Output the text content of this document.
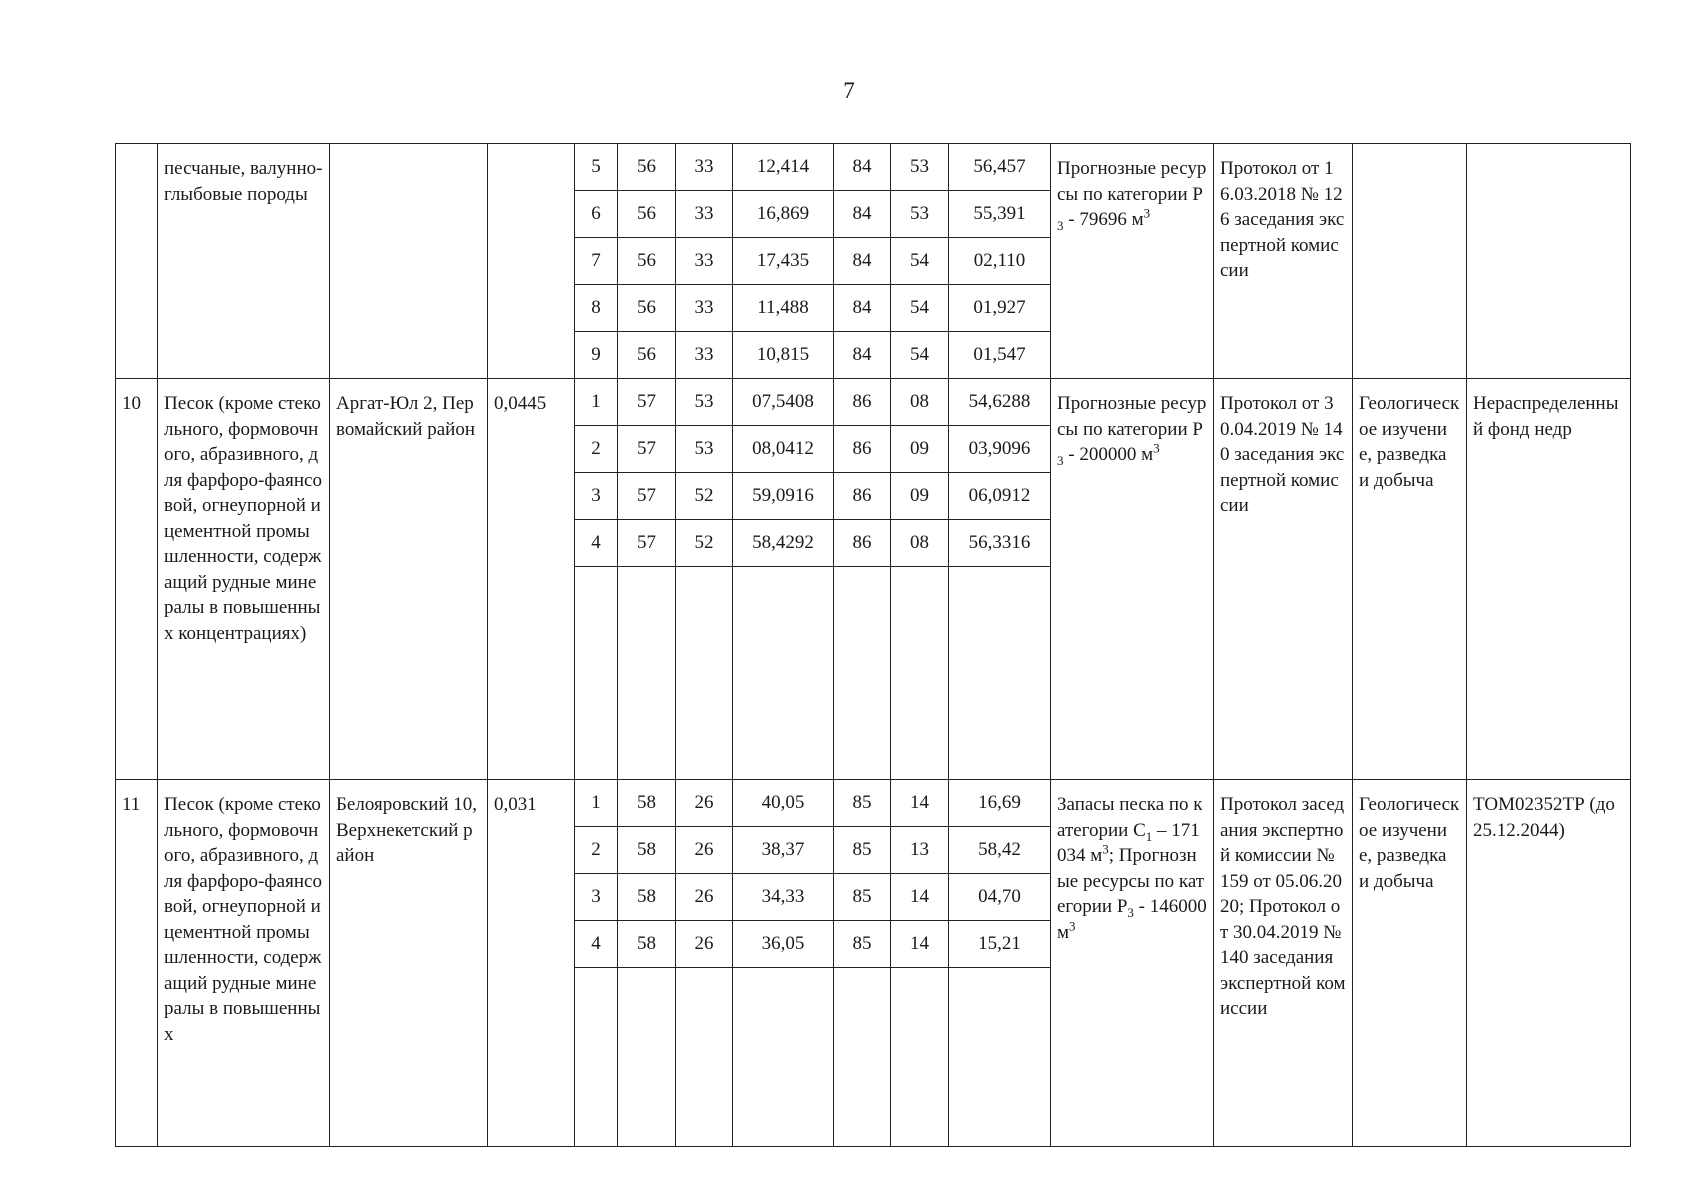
7
	песчаные, валунно-глыбовые породы			5	56	33	12,414	84	53	56,457	Прогнозные ресурсы по категории $Р_3 - 79696$ $м^3$	Протокол от 16.03.2018 № 126 заседания экспертной комиссии		
				6	56	33	16,869	84	53	55,391				
				7	56	33	17,435	84	54	02,110				
				8	56	33	11,488	84	54	01,927				
				9	56	33	10,815	84	54	01,547				
10	Песок (кроме стекольного, формовочного, абразивного, для фарфоро-фаянсовой, огнеупорной и цементной промышленности, содержащий рудные минералы в повышенных концентрациях)	Аргат-Юл 2, Первомайский район	0,0445	1	57	53	07,5408	86	08	54,6288	Прогнозные ресурсы по категории $Р_3 - 200000$ $м^3$	Протокол от 30.04.2019 № 140 заседания экспертной комиссии	Геологическое изучение, разведка и добыча	Нераспределенный фонд недр
				2	57	53	08,0412	86	09	03,9096				
				3	57	52	59,0916	86	09	06,0912				
				4	57	52	58,4292	86	08	56,3316				

11	Песок (кроме стекольного, формовочного, абразивного, для фарфоро-фаянсовой, огнеупорной и цементной промышленности, содержащий рудные минералы в повышенных	Белояровский 10, Верхнекетский район	0,031	1	58	26	40,05	85	14	16,69	Запасы песка по категории $С_1 - 171034$ $м^3$; Прогнозные ресурсы по категории $Р_3 - 146000$ $м^3$	Протокол заседания экспертной комиссии № 159 от 05.06.2020; Протокол от 30.04.2019 № 140 заседания экспертной комиссии	Геологическое изучение, разведка и добыча	ТОМ02352ТР (до 25.12.2044)
				2	58	26	38,37	85	13	58,42				
				3	58	26	34,33	85	14	04,70				
				4	58	26	36,05	85	14	15,21				
